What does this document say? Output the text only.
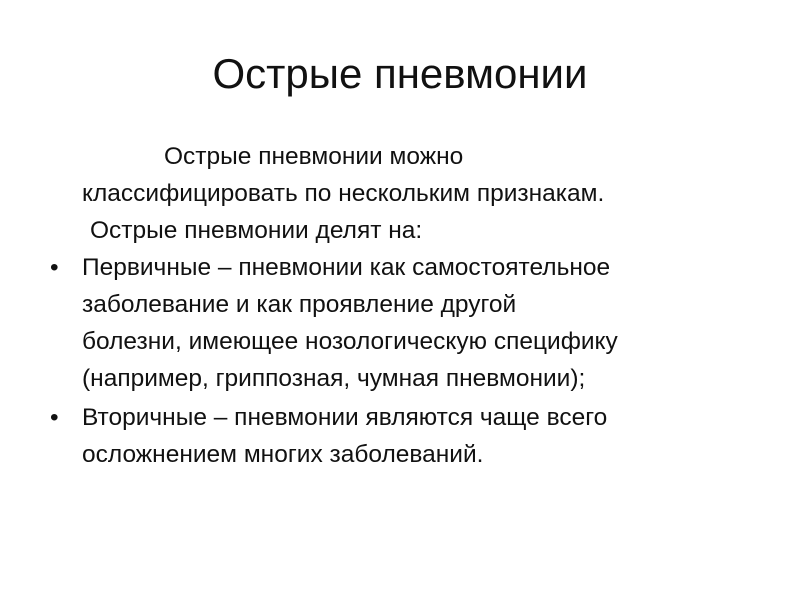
Острые пневмонии

Острые пневмонии можно
классифицировать по нескольким признакам.

Острые пневмонии делят на:

• Первичные – пневмонии как самостоятельное
заболевание и как проявление другой
болезни, имеющее нозологическую специфику
(например, гриппозная, чумная пневмонии);
• Вторичные – пневмонии являются чаще всего
осложнением многих заболеваний.
